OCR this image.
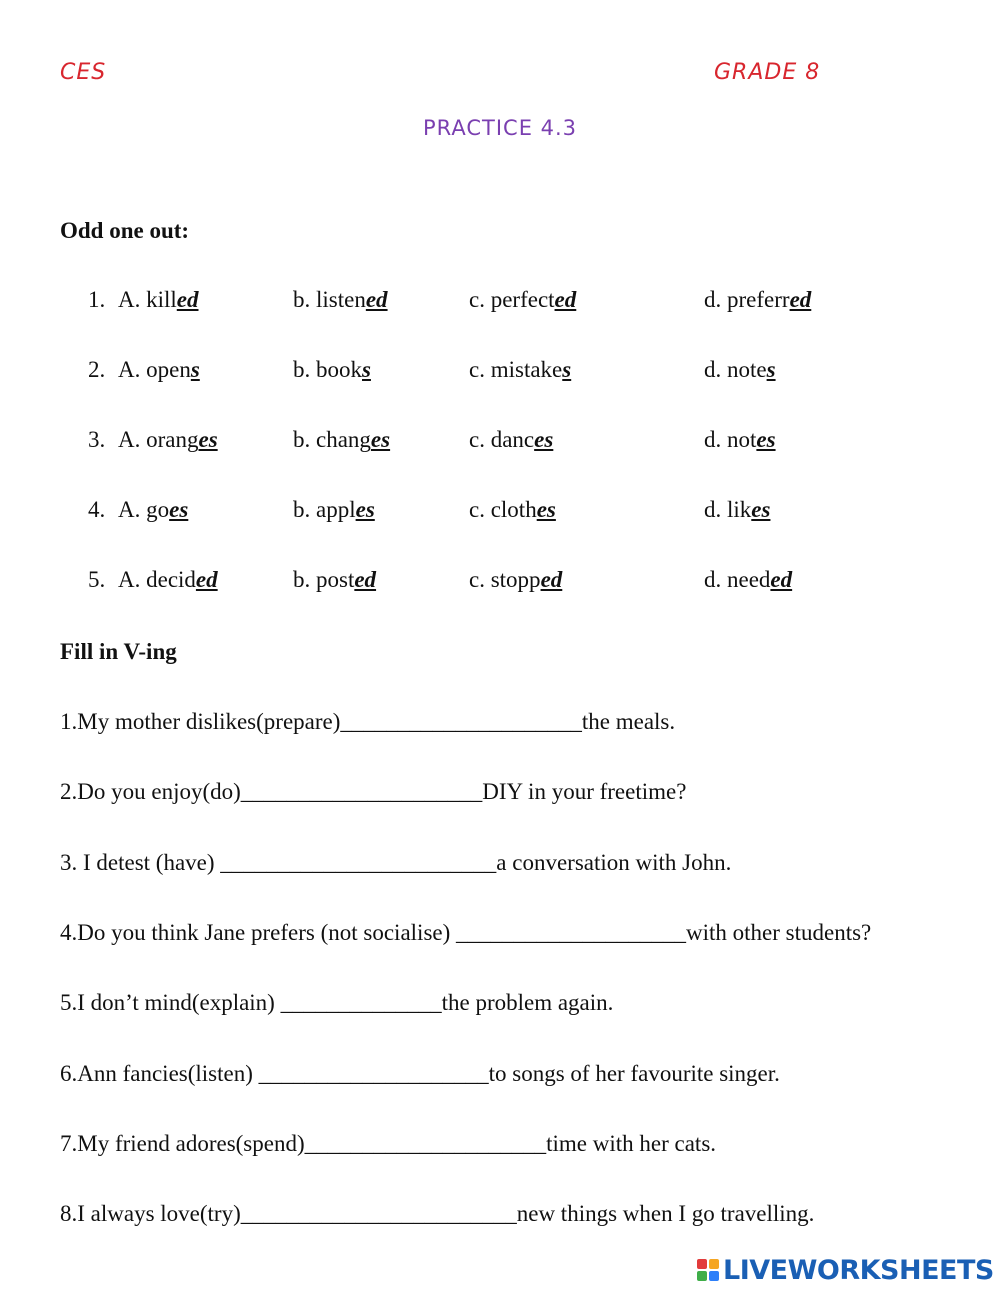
CES	GRADE 8
PRACTICE 4.3
Odd one out:
1. A. killed	b. listened	c. perfected	d. preferred
2. A. opens	b. books	c. mistakes	d. notes
3. A. oranges	b. changes	c. dances	d. notes
4. A. goes	b. apples	c. clothes	d. likes
5. A. decided	b. posted	c. stopped	d. needed
Fill in V-ing
1.My mother dislikes(prepare)_____________________the meals.
2.Do you enjoy(do)_____________________DIY in your freetime?
3. I detest (have) ________________________a conversation with John.
4.Do you think Jane prefers (not socialise) ____________________with other students?
5.I don’t mind(explain) ______________the problem again.
6.Ann fancies(listen) ____________________to songs of her favourite singer.
7.My friend adores(spend)_____________________time with her cats.
8.I always love(try)________________________new things when I go travelling.
LIVEWORKSHEETS
